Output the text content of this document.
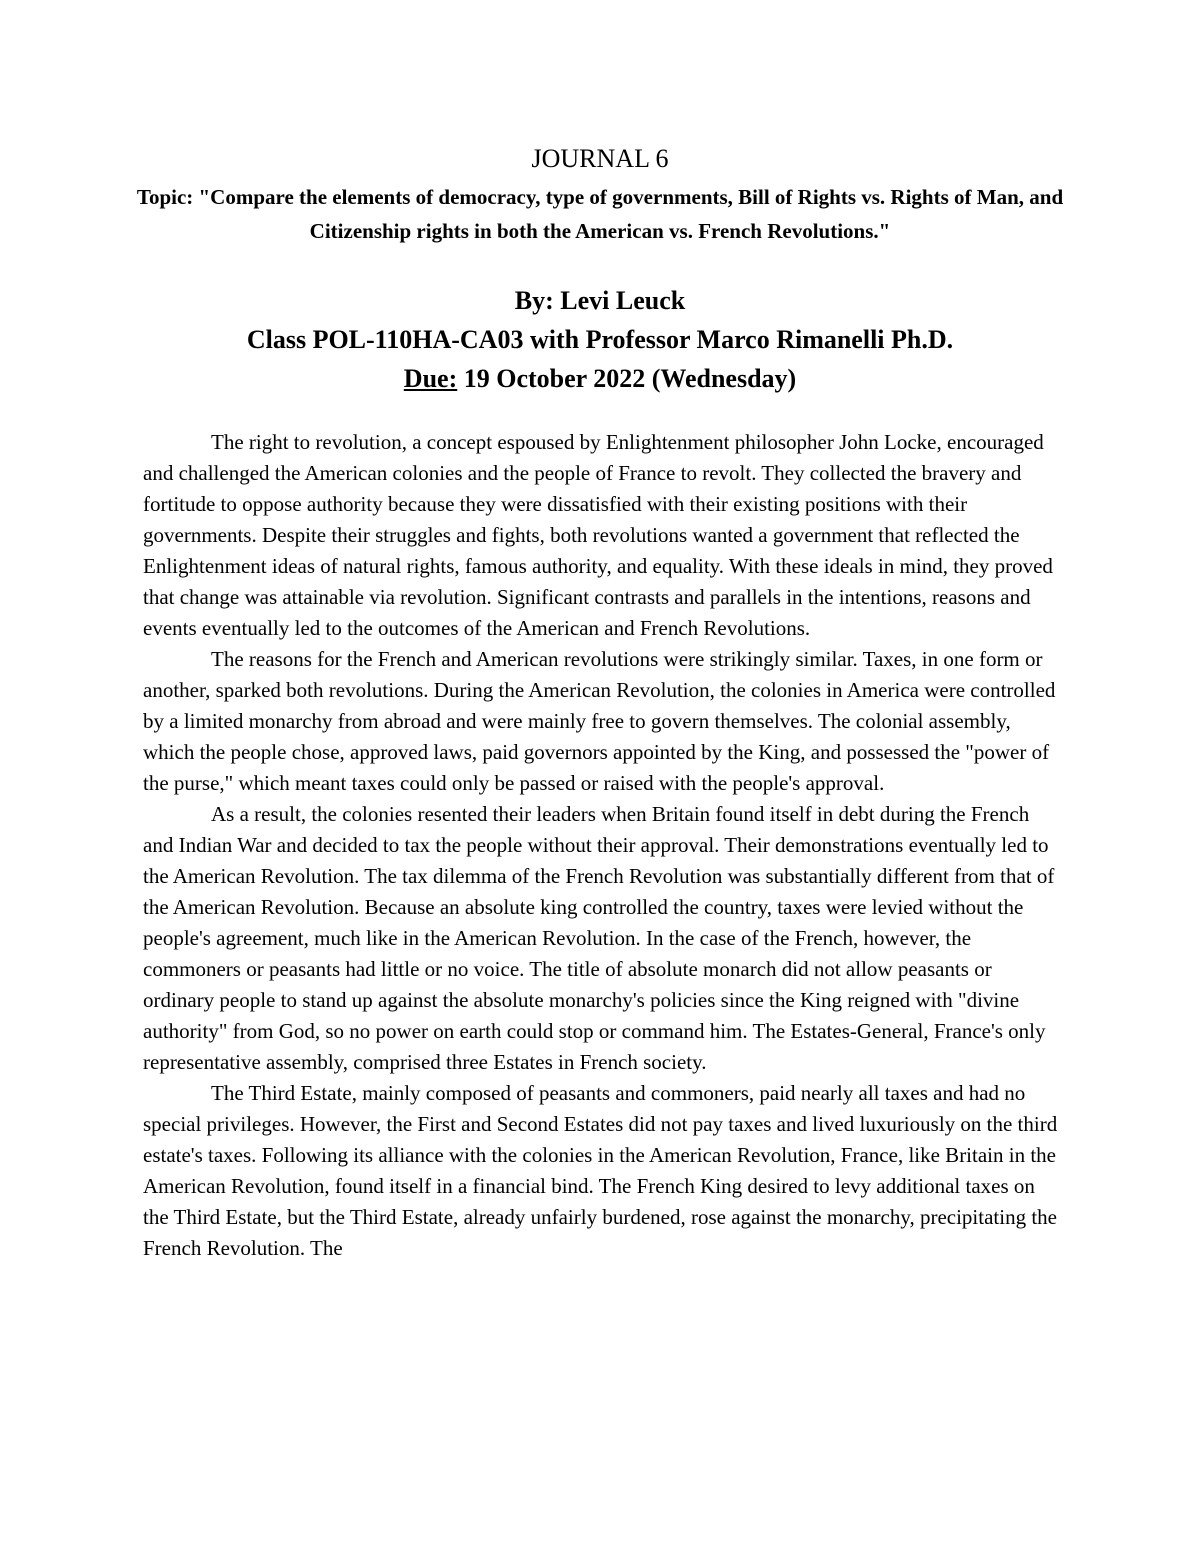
JOURNAL 6
Topic: "Compare the elements of democracy, type of governments, Bill of Rights vs. Rights of Man, and Citizenship rights in both the American vs. French Revolutions."
By: Levi Leuck
Class POL-110HA-CA03 with Professor Marco Rimanelli Ph.D.
Due: 19 October 2022 (Wednesday)

The right to revolution, a concept espoused by Enlightenment philosopher John Locke, encouraged and challenged the American colonies and the people of France to revolt. They collected the bravery and fortitude to oppose authority because they were dissatisfied with their existing positions with their governments. Despite their struggles and fights, both revolutions wanted a government that reflected the Enlightenment ideas of natural rights, famous authority, and equality. With these ideals in mind, they proved that change was attainable via revolution. Significant contrasts and parallels in the intentions, reasons and events eventually led to the outcomes of the American and French Revolutions.

The reasons for the French and American revolutions were strikingly similar. Taxes, in one form or another, sparked both revolutions. During the American Revolution, the colonies in America were controlled by a limited monarchy from abroad and were mainly free to govern themselves. The colonial assembly, which the people chose, approved laws, paid governors appointed by the King, and possessed the "power of the purse," which meant taxes could only be passed or raised with the people's approval.

As a result, the colonies resented their leaders when Britain found itself in debt during the French and Indian War and decided to tax the people without their approval. Their demonstrations eventually led to the American Revolution. The tax dilemma of the French Revolution was substantially different from that of the American Revolution. Because an absolute king controlled the country, taxes were levied without the people's agreement, much like in the American Revolution. In the case of the French, however, the commoners or peasants had little or no voice. The title of absolute monarch did not allow peasants or ordinary people to stand up against the absolute monarchy's policies since the King reigned with "divine authority" from God, so no power on earth could stop or command him. The Estates-General, France's only representative assembly, comprised three Estates in French society.

The Third Estate, mainly composed of peasants and commoners, paid nearly all taxes and had no special privileges. However, the First and Second Estates did not pay taxes and lived luxuriously on the third estate's taxes. Following its alliance with the colonies in the American Revolution, France, like Britain in the American Revolution, found itself in a financial bind. The French King desired to levy additional taxes on the Third Estate, but the Third Estate, already unfairly burdened, rose against the monarchy, precipitating the French Revolution. The
